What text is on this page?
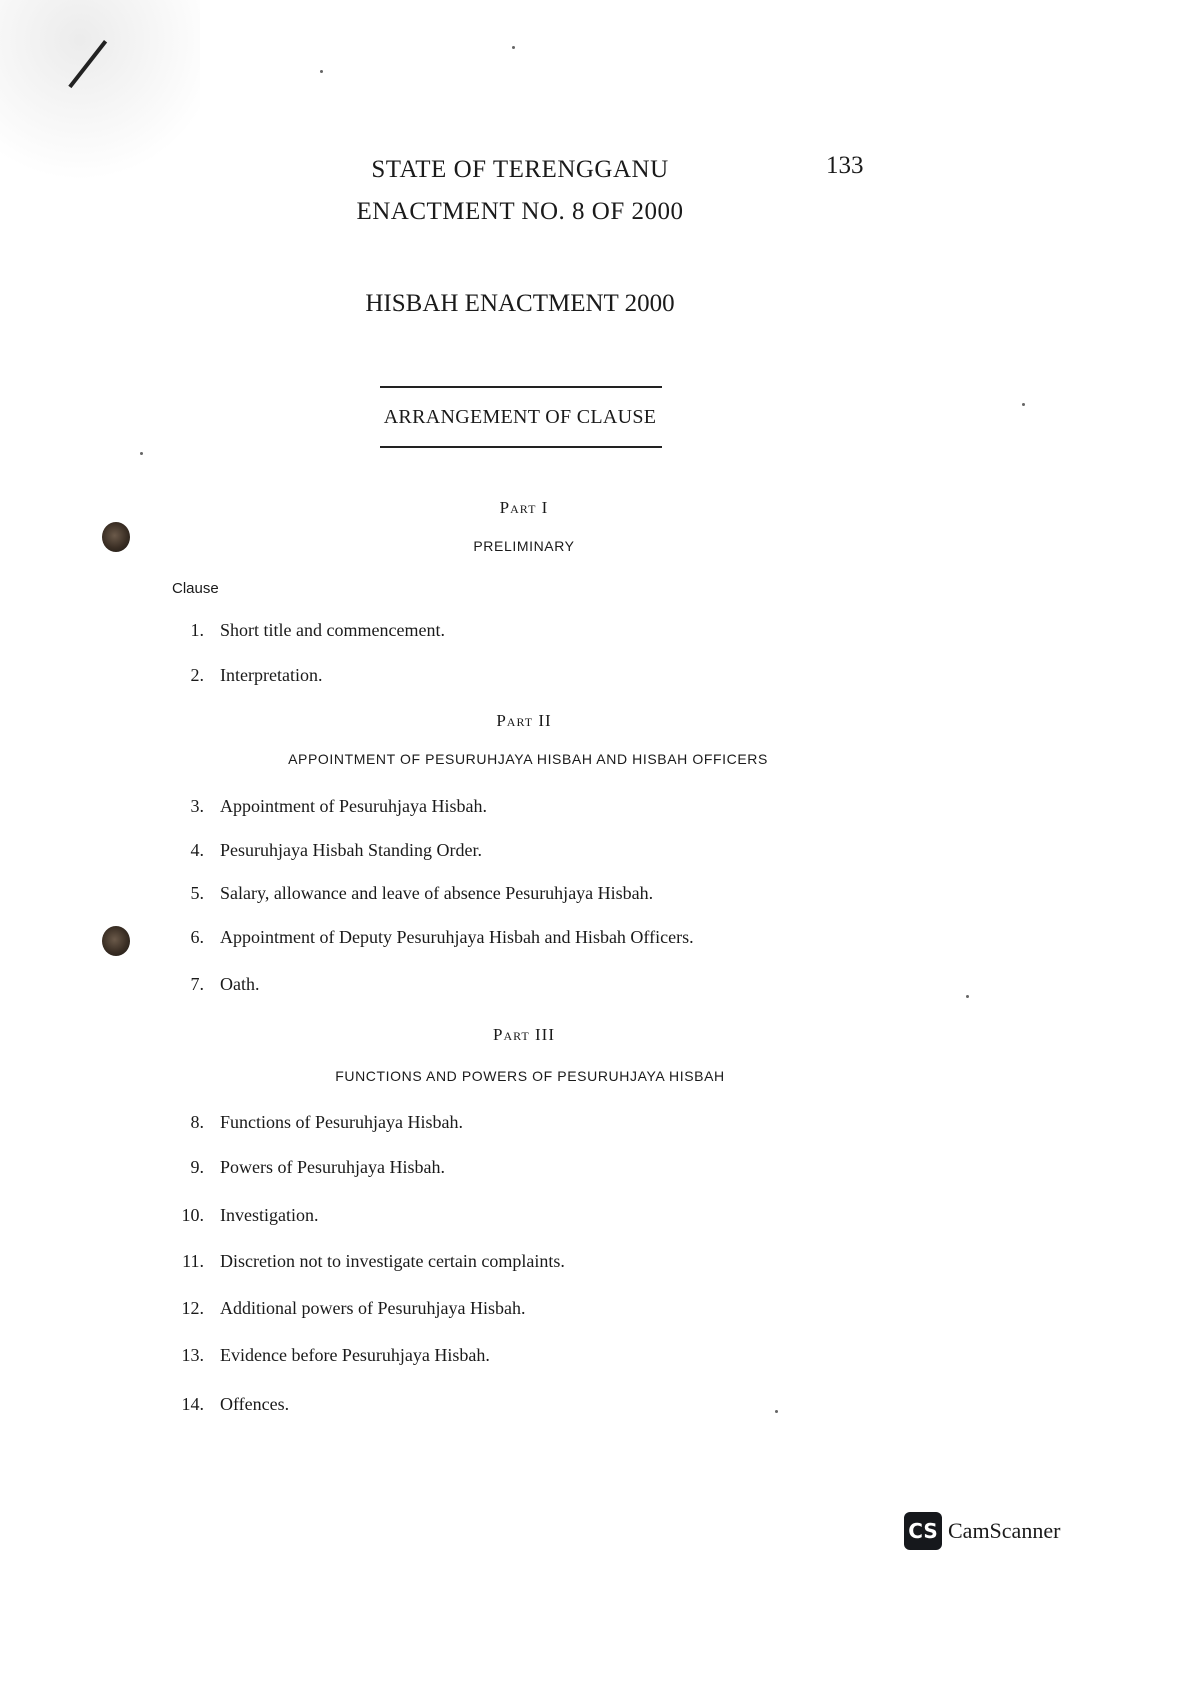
STATE OF TERENGGANU
ENACTMENT NO. 8 OF 2000
133
HISBAH ENACTMENT 2000
ARRANGEMENT OF CLAUSE
Part I
PRELIMINARY
Clause
1. Short title and commencement.
2. Interpretation.
Part II
APPOINTMENT OF PESURUHJAYA HISBAH AND HISBAH OFFICERS
3. Appointment of Pesuruhjaya Hisbah.
4. Pesuruhjaya Hisbah Standing Order.
5. Salary, allowance and leave of absence Pesuruhjaya Hisbah.
6. Appointment of Deputy Pesuruhjaya Hisbah and Hisbah Officers.
7. Oath.
Part III
FUNCTIONS AND POWERS OF PESURUHJAYA HISBAH
8. Functions of Pesuruhjaya Hisbah.
9. Powers of Pesuruhjaya Hisbah.
10. Investigation.
11. Discretion not to investigate certain complaints.
12. Additional powers of Pesuruhjaya Hisbah.
13. Evidence before Pesuruhjaya Hisbah.
14. Offences.
CS CamScanner
